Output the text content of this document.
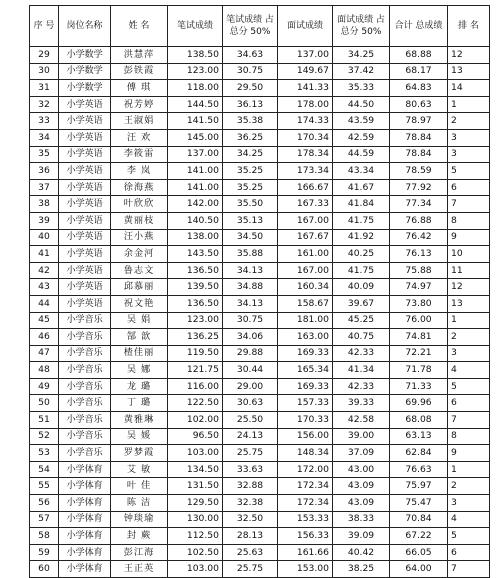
序 号	岗位名称	姓 名	笔试成绩	笔试成绩 占总分 50%	面试成绩	面试成绩 占总分 50%	合计 总成绩	排 名
29	小学数学	洪慧萍	138.50	34.63	137.00	34.25	68.88	12
30	小学数学	彭铁霞	123.00	30.75	149.67	37.42	68.17	13
31	小学数学	傅 琪	118.00	29.50	141.33	35.33	64.83	14
32	小学英语	祝芳婷	144.50	36.13	178.00	44.50	80.63	1
33	小学英语	王淑娟	141.50	35.38	174.33	43.59	78.97	2
34	小学英语	汪 欢	145.00	36.25	170.34	42.59	78.84	3
35	小学英语	李筱雷	137.00	34.25	178.34	44.59	78.84	3
36	小学英语	李 岚	141.00	35.25	173.34	43.34	78.59	5
37	小学英语	徐海燕	141.00	35.25	166.67	41.67	77.92	6
38	小学英语	叶欣欣	142.00	35.50	167.33	41.84	77.34	7
39	小学英语	黄丽枝	140.50	35.13	167.00	41.75	76.88	8
40	小学英语	汪小燕	138.00	34.50	167.67	41.92	76.42	9
41	小学英语	余金河	143.50	35.88	161.00	40.25	76.13	10
42	小学英语	鲁志文	136.50	34.13	167.00	41.75	75.88	11
43	小学英语	邱慕丽	139.50	34.88	160.34	40.09	74.97	12
44	小学英语	祝文艳	136.50	34.13	158.67	39.67	73.80	13
45	小学音乐	吴 娟	123.00	30.75	181.00	45.25	76.00	1
46	小学音乐	郜 歆	136.25	34.06	163.00	40.75	74.81	2
47	小学音乐	楂佳丽	119.50	29.88	169.33	42.33	72.21	3
48	小学音乐	吴 娜	121.75	30.44	165.34	41.34	71.78	4
49	小学音乐	龙 璐	116.00	29.00	169.33	42.33	71.33	5
50	小学音乐	丁 璐	122.50	30.63	157.33	39.33	69.96	6
51	小学音乐	黄雅琳	102.00	25.50	170.33	42.58	68.08	7
52	小学音乐	吴 媛	96.50	24.13	156.00	39.00	63.13	8
53	小学音乐	罗梦霞	103.00	25.75	148.34	37.09	62.84	9
54	小学体育	艾 敏	134.50	33.63	172.00	43.00	76.63	1
55	小学体育	叶 佳	131.50	32.88	172.34	43.09	75.97	2
56	小学体育	陈 洁	129.50	32.38	172.34	43.09	75.47	3
57	小学体育	钟琰瑜	130.00	32.50	153.33	38.33	70.84	4
58	小学体育	封 蕨	112.50	28.13	156.33	39.09	67.22	5
59	小学体育	彭江海	102.50	25.63	161.66	40.42	66.05	6
60	小学体育	王正英	103.00	25.75	153.00	38.25	64.00	7
